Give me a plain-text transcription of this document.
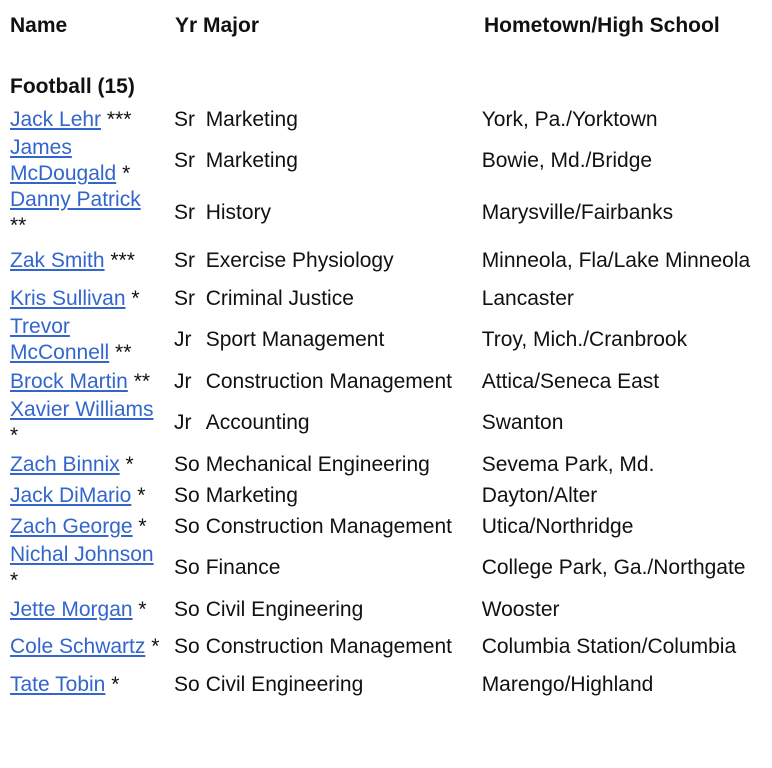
Name	Yr Major	Hometown/High School
Football (15)
Jack Lehr ***	Sr	Marketing	York, Pa./Yorktown
James McDougald *	Sr	Marketing	Bowie, Md./Bridge
Danny Patrick **	Sr	History	Marysville/Fairbanks
Zak Smith ***	Sr	Exercise Physiology	Minneola, Fla/Lake Minneola
Kris Sullivan *	Sr	Criminal Justice	Lancaster
Trevor McConnell **	Jr	Sport Management	Troy, Mich./Cranbrook
Brock Martin **	Jr	Construction Management	Attica/Seneca East
Xavier Williams *	Jr	Accounting	Swanton
Zach Binnix *	So	Mechanical Engineering	Sevema Park, Md.
Jack DiMario *	So	Marketing	Dayton/Alter
Zach George *	So	Construction Management	Utica/Northridge
Nichal Johnson *	So	Finance	College Park, Ga./Northgate
Jette Morgan *	So	Civil Engineering	Wooster
Cole Schwartz *	So	Construction Management	Columbia Station/Columbia
Tate Tobin *	So	Civil Engineering	Marengo/Highland
